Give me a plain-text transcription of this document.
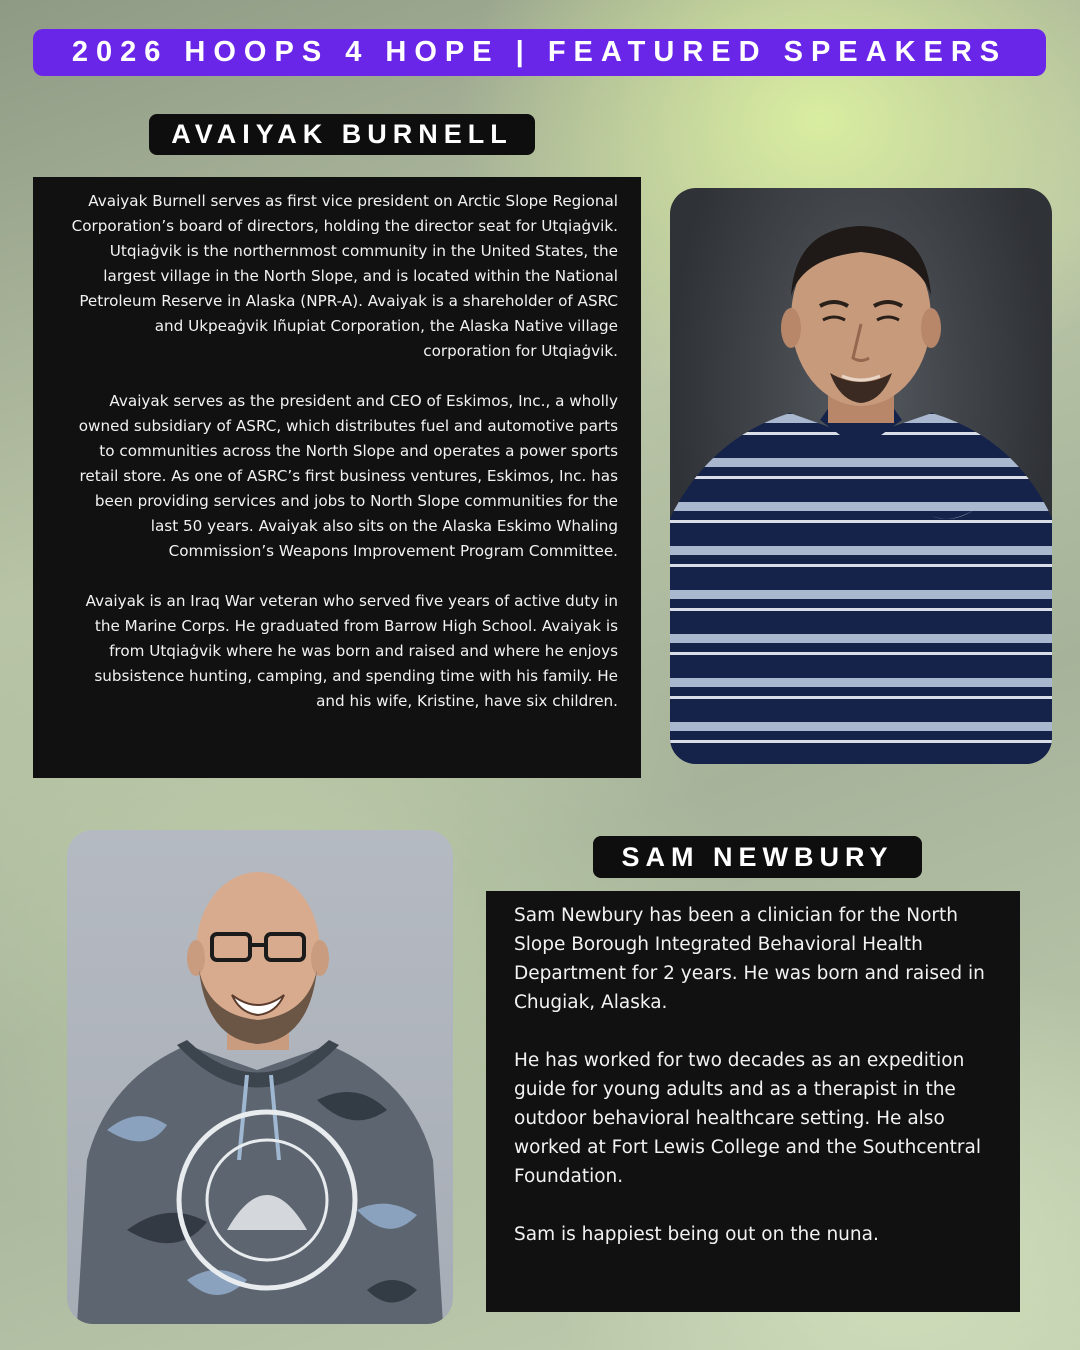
2026 HOOPS 4 HOPE | FEATURED SPEAKERS
AVAIYAK BURNELL

Avaiyak Burnell serves as first vice president on Arctic Slope Regional Corporation’s board of directors, holding the director seat for Utqiaġvik. Utqiaġvik is the northernmost community in the United States, the largest village in the North Slope, and is located within the National Petroleum Reserve in Alaska (NPR-A). Avaiyak is a shareholder of ASRC and Ukpeaġvik Iñupiat Corporation, the Alaska Native village corporation for Utqiaġvik.

Avaiyak serves as the president and CEO of Eskimos, Inc., a wholly owned subsidiary of ASRC, which distributes fuel and automotive parts to communities across the North Slope and operates a power sports retail store. As one of ASRC’s first business ventures, Eskimos, Inc. has been providing services and jobs to North Slope communities for the last 50 years. Avaiyak also sits on the Alaska Eskimo Whaling Commission’s Weapons Improvement Program Committee.

Avaiyak is an Iraq War veteran who served five years of active duty in the Marine Corps. He graduated from Barrow High School. Avaiyak is from Utqiaġvik where he was born and raised and where he enjoys subsistence hunting, camping, and spending time with his family. He and his wife, Kristine, have six children.

SAM NEWBURY

Sam Newbury has been a clinician for the North Slope Borough Integrated Behavioral Health Department for 2 years. He was born and raised in Chugiak, Alaska.

He has worked for two decades as an expedition guide for young adults and as a therapist in the outdoor behavioral healthcare setting. He also worked at Fort Lewis College and the Southcentral Foundation.

Sam is happiest being out on the nuna.
